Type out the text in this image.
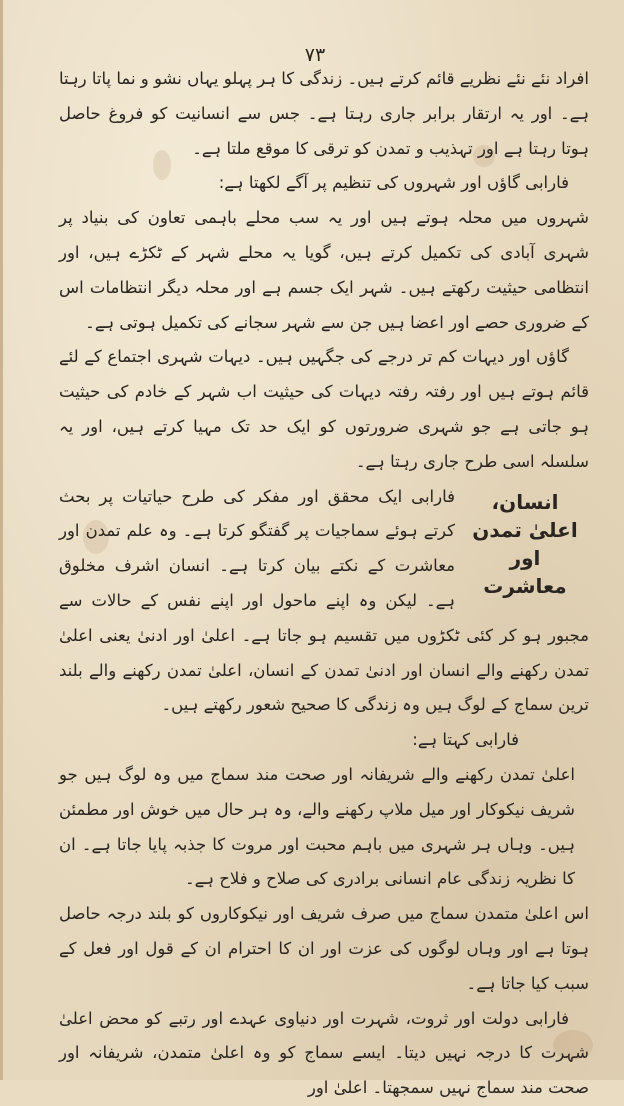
۷۳

افراد نئے نئے نظریے قائم کرتے ہیں۔ زندگی کا ہر پہلو یہاں نشو و نما پاتا رہتا ہے۔ اور یہ ارتقار برابر جاری رہتا ہے۔ جس سے انسانیت کو فروغ حاصل ہوتا رہتا ہے اور تہذیب و تمدن کو ترقی کا موقع ملتا ہے۔

فارابی گاؤں اور شہروں کی تنظیم پر آگے لکھتا ہے:

شہروں میں محلہ ہوتے ہیں اور یہ سب محلے باہمی تعاون کی بنیاد پر شہری آبادی کی تکمیل کرتے ہیں، گویا یہ محلے شہر کے ٹکڑے ہیں، اور انتظامی حیثیت رکھتے ہیں۔ شہر ایک جسم ہے اور محلہ دیگر انتظامات اس کے ضروری حصے اور اعضا ہیں جن سے شہر سجانے کی تکمیل ہوتی ہے۔

گاؤں اور دیہات کم تر درجے کی جگہیں ہیں۔ دیہات شہری اجتماع کے لئے قائم ہوتے ہیں اور رفتہ رفتہ دیہات کی حیثیت اب شہر کے خادم کی حیثیت ہو جاتی ہے جو شہری ضرورتوں کو ایک حد تک مہیا کرتے ہیں، اور یہ سلسلہ اسی طرح جاری رہتا ہے۔

انسان، اعلیٰ تمدن اور معاشرت

فارابی ایک محقق اور مفکر کی طرح حیاتیات پر بحث کرتے ہوئے سماجیات پر گفتگو کرتا ہے۔ وہ علم تمدن اور معاشرت کے نکتے بیان کرتا ہے۔ انسان اشرف مخلوق ہے۔ لیکن وہ اپنے ماحول اور اپنے نفس کے حالات سے مجبور ہو کر کئی ٹکڑوں میں تقسیم ہو جاتا ہے۔ اعلیٰ اور ادنیٰ یعنی اعلیٰ تمدن رکھنے والے انسان اور ادنیٰ تمدن کے انسان، اعلیٰ تمدن رکھنے والے بلند ترین سماج کے لوگ ہیں وہ زندگی کا صحیح شعور رکھتے ہیں۔

فارابی کہتا ہے:

اعلیٰ تمدن رکھنے والے شریفانہ اور صحت مند سماج میں وہ لوگ ہیں جو شریف نیکوکار اور میل ملاپ رکھنے والے، وہ ہر حال میں خوش اور مطمئن ہیں۔ وہاں ہر شہری میں باہم محبت اور مروت کا جذبہ پایا جاتا ہے۔ ان کا نظریہ زندگی عام انسانی برادری کی صلاح و فلاح ہے۔

اس اعلیٰ متمدن سماج میں صرف شریف اور نیکوکاروں کو بلند درجہ حاصل ہوتا ہے اور وہاں لوگوں کی عزت اور ان کا احترام ان کے قول اور فعل کے سبب کیا جاتا ہے۔

فارابی دولت اور ثروت، شہرت اور دنیاوی عہدے اور رتبے کو محض اعلیٰ شہرت کا درجہ نہیں دیتا۔ ایسے سماج کو وہ اعلیٰ متمدن، شریفانہ اور صحت مند سماج نہیں سمجھتا۔ اعلیٰ اور
